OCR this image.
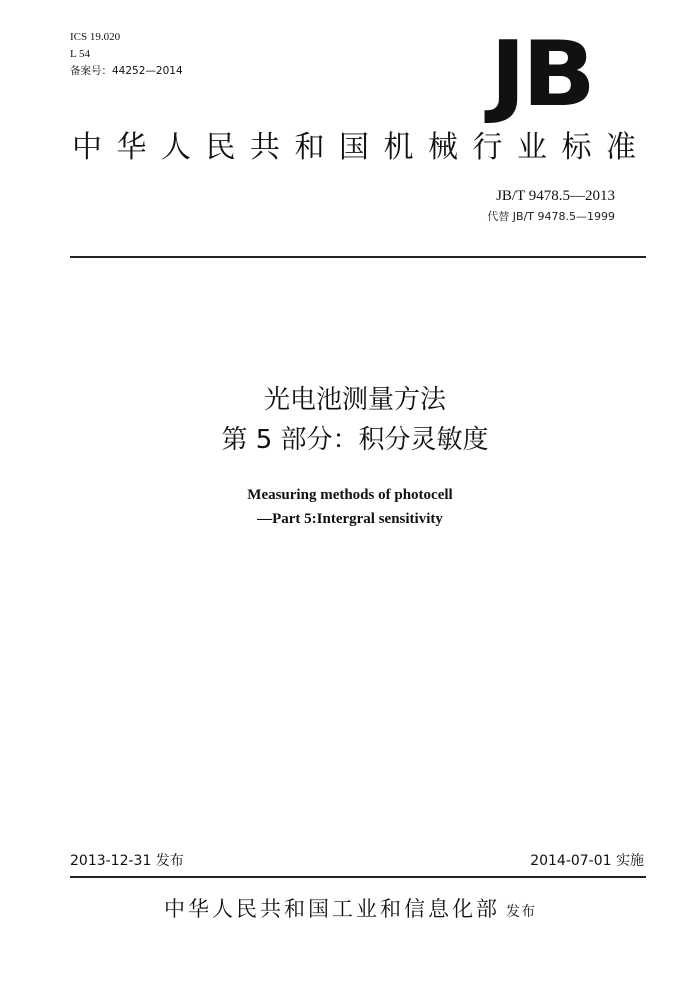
ICS 19.020
L 54
备案号：44252—2014	JB
中华人民共和国机械行业标准
JB/T 9478.5—2013
代替 JB/T 9478.5—1999
光电池测量方法
第 5 部分：积分灵敏度
Measuring methods of photocell
—Part 5:Intergral sensitivity
2013-12-31 发布	2014-07-01 实施
中华人民共和国工业和信息化部 发布
